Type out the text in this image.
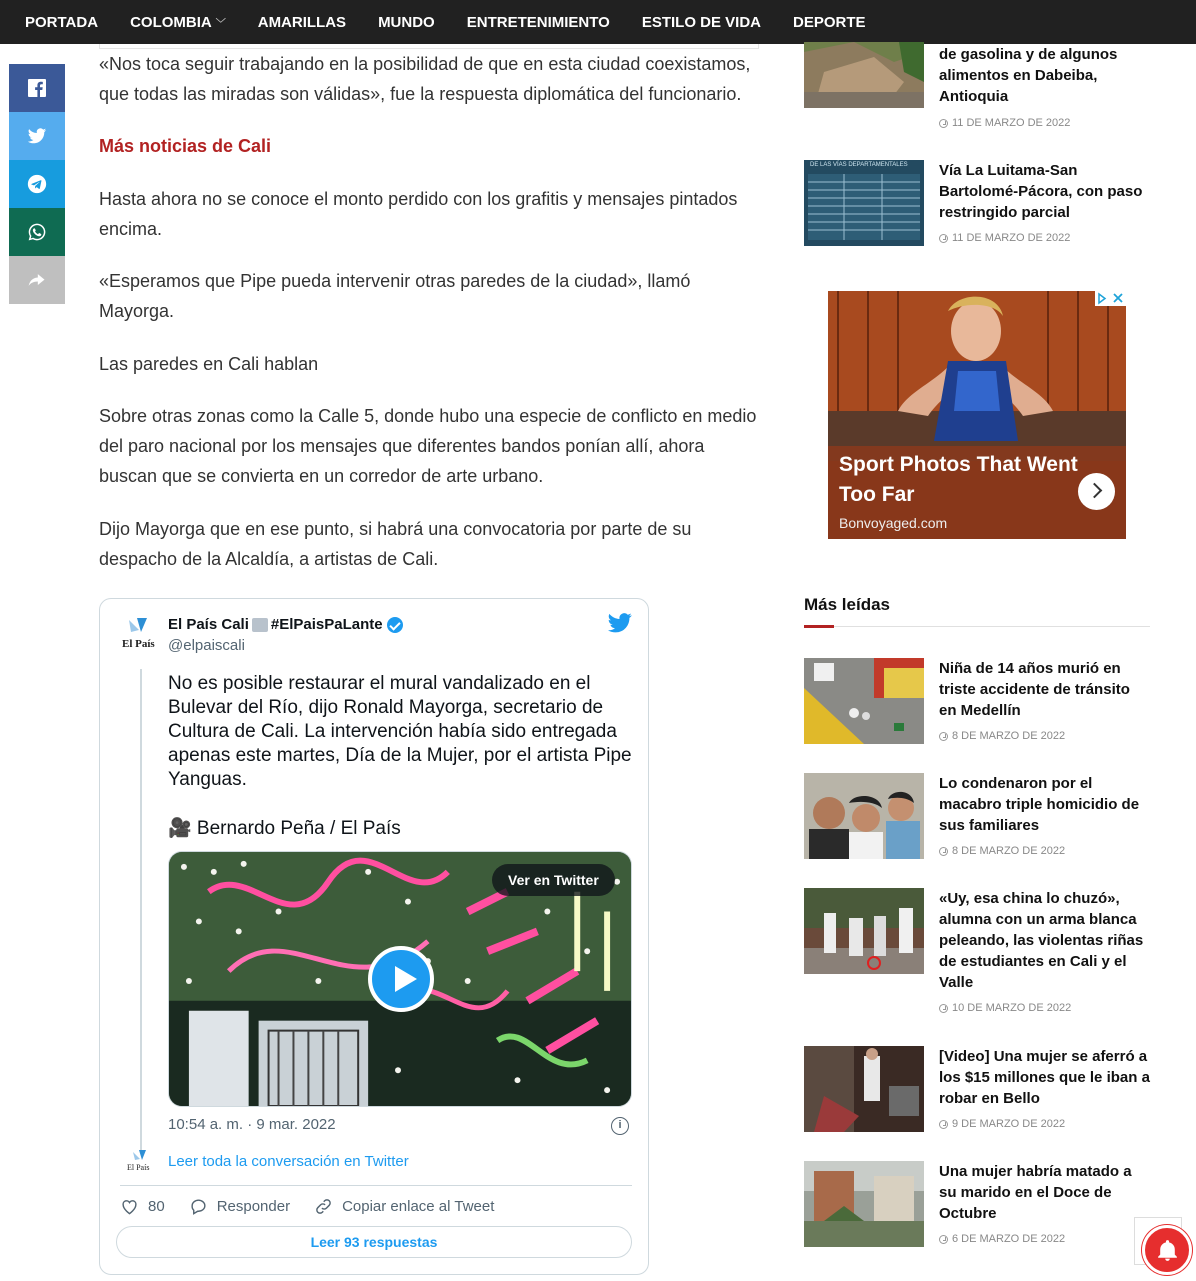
PORTADA COLOMBIA ﹀ AMARILLAS MUNDO ENTRETENIMIENTO ESTILO DE VIDA DEPORTE

«Nos toca seguir trabajando en la posibilidad de que en esta ciudad coexistamos, que todas las miradas son válidas», fue la respuesta diplomática del funcionario.

Más noticias de Cali

Hasta ahora no se conoce el monto perdido con los grafitis y mensajes pintados encima.

«Esperamos que Pipe pueda intervenir otras paredes de la ciudad», llamó Mayorga.

Las paredes en Cali hablan

Sobre otras zonas como la Calle 5, donde hubo una especie de conflicto en medio del paro nacional por los mensajes que diferentes bandos ponían allí, ahora buscan que se convierta en un corredor de arte urbano.

Dijo Mayorga que en ese punto, si habrá una convocatoria por parte de su despacho de la Alcaldía, a artistas de Cali.

El País
El País Cali #ElPaisPaLante
@elpaiscali
No es posible restaurar el mural vandalizado en el Bulevar del Río, dijo Ronald Mayorga, secretario de Cultura de Cali. La intervención había sido entregada apenas este martes, Día de la Mujer, por el artista Pipe Yanguas.
🎥 Bernardo Peña / El País
Ver en Twitter
10:54 a. m. · 9 mar. 2022	i
El País Leer toda la conversación en Twitter
80	Responder	Copiar enlace al Tweet
Leer 93 respuestas
de gasolina y de algunos alimentos en Dabeiba, Antioquia
11 DE MARZO DE 2022
DE LAS VÍAS DEPARTAMENTALES Vía La Luitama-San Bartolomé-Pácora, con paso restringido parcial
11 DE MARZO DE 2022
Sport Photos That Went Too Far
Bonvoyaged.com
Más leídas
Niña de 14 años murió en triste accidente de tránsito en Medellín
8 DE MARZO DE 2022
Lo condenaron por el macabro triple homicidio de sus familiares
8 DE MARZO DE 2022
«Uy, esa china lo chuzó», alumna con un arma blanca peleando, las violentas riñas de estudiantes en Cali y el Valle
10 DE MARZO DE 2022
[Video] Una mujer se aferró a los $15 millones que le iban a robar en Bello
9 DE MARZO DE 2022
Una mujer habría matado a su marido en el Doce de Octubre
6 DE MARZO DE 2022
